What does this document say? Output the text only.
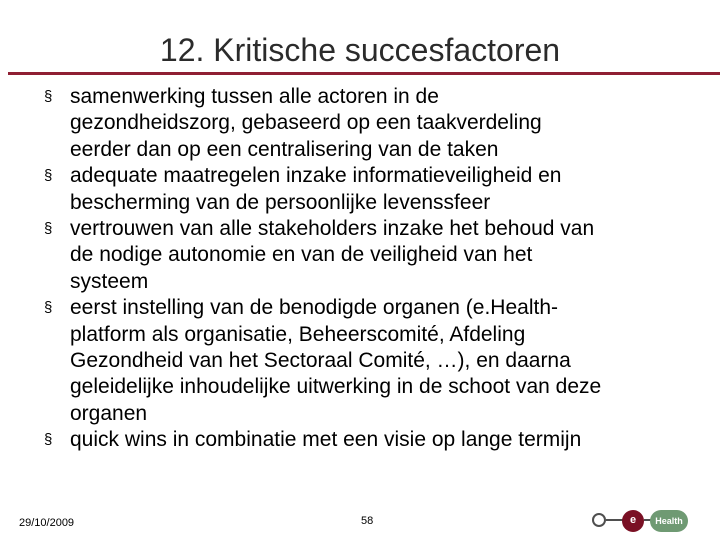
12. Kritische succesfactoren
§ samenwerking tussen alle actoren in de
gezondheidszorg, gebaseerd op een taakverdeling
eerder dan op een centralisering van de taken
§ adequate maatregelen inzake informatieveiligheid en
bescherming van de persoonlijke levenssfeer
§ vertrouwen van alle stakeholders inzake het behoud van
de nodige autonomie en van de veiligheid van het
systeem
§ eerst instelling van de benodigde organen (e.Health-
platform als organisatie, Beheerscomité, Afdeling
Gezondheid van het Sectoraal Comité, …), en daarna
geleidelijke inhoudelijke uitwerking in de schoot van deze
organen
§ quick wins in combinatie met een visie op lange termijn
29/10/2009	58	e	Health
